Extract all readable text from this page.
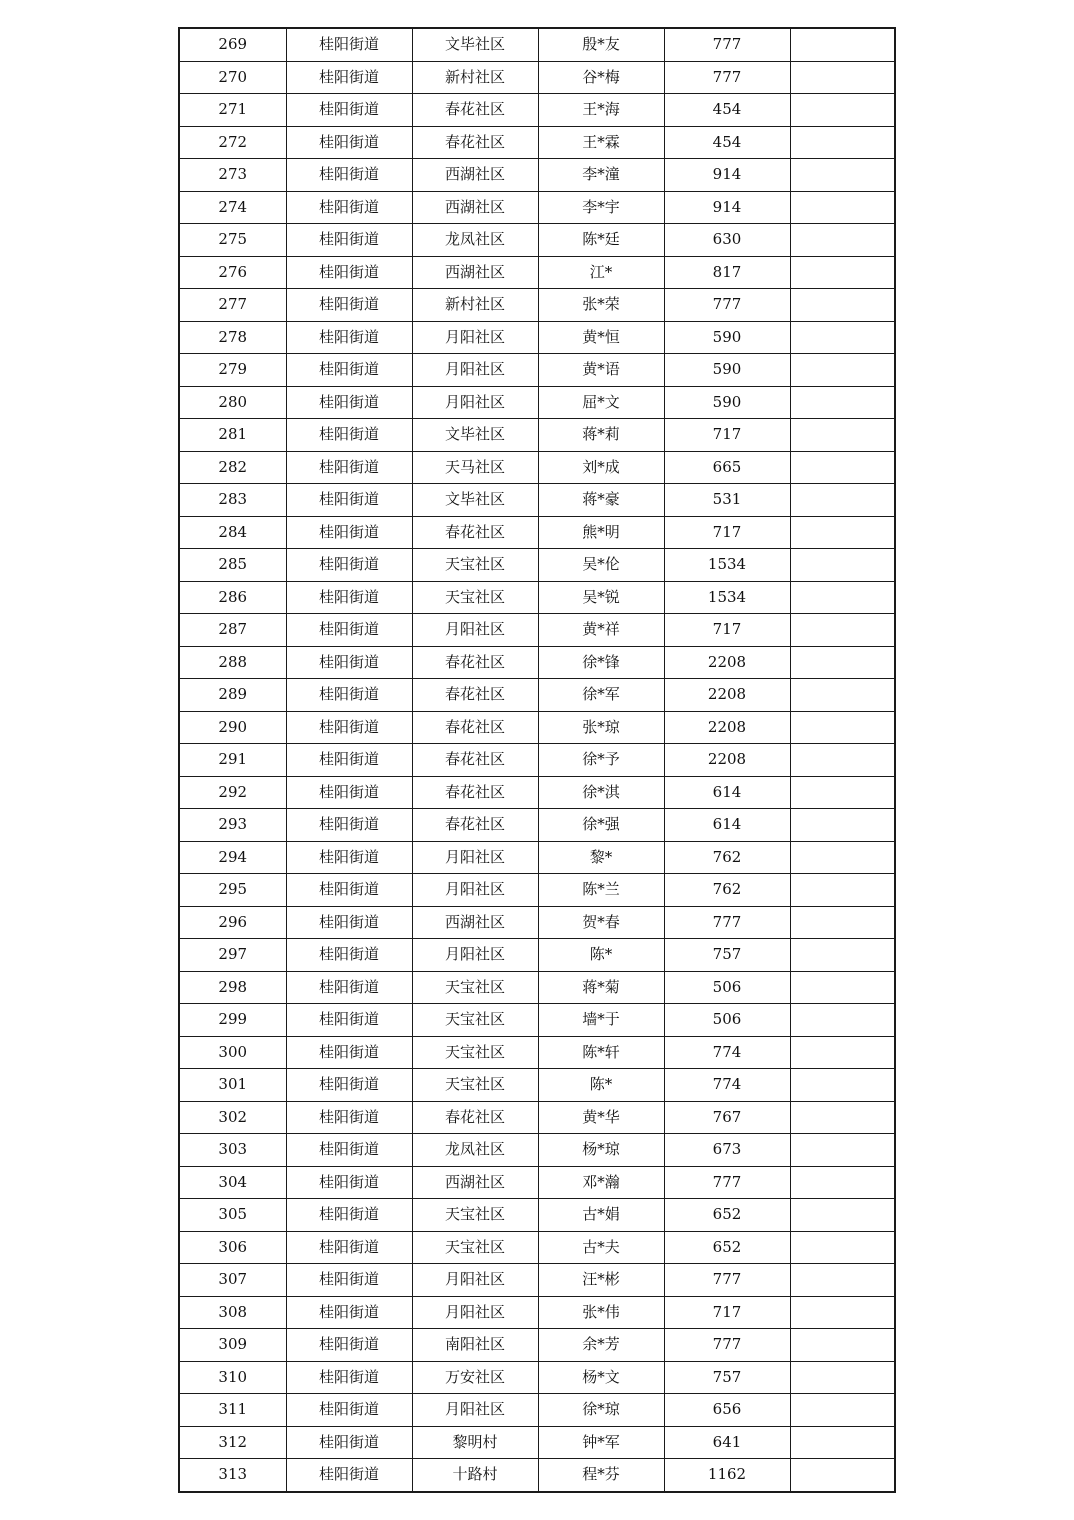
269	桂阳街道	文毕社区	殷*友	777	
270	桂阳街道	新村社区	谷*梅	777	
271	桂阳街道	春花社区	王*海	454	
272	桂阳街道	春花社区	王*霖	454	
273	桂阳街道	西湖社区	李*潼	914	
274	桂阳街道	西湖社区	李*宇	914	
275	桂阳街道	龙凤社区	陈*廷	630	
276	桂阳街道	西湖社区	江*	817	
277	桂阳街道	新村社区	张*荣	777	
278	桂阳街道	月阳社区	黄*恒	590	
279	桂阳街道	月阳社区	黄*语	590	
280	桂阳街道	月阳社区	屈*文	590	
281	桂阳街道	文毕社区	蒋*莉	717	
282	桂阳街道	天马社区	刘*成	665	
283	桂阳街道	文毕社区	蒋*豪	531	
284	桂阳街道	春花社区	熊*明	717	
285	桂阳街道	天宝社区	吴*伦	1534	
286	桂阳街道	天宝社区	吴*锐	1534	
287	桂阳街道	月阳社区	黄*祥	717	
288	桂阳街道	春花社区	徐*锋	2208	
289	桂阳街道	春花社区	徐*军	2208	
290	桂阳街道	春花社区	张*琼	2208	
291	桂阳街道	春花社区	徐*予	2208	
292	桂阳街道	春花社区	徐*淇	614	
293	桂阳街道	春花社区	徐*强	614	
294	桂阳街道	月阳社区	黎*	762	
295	桂阳街道	月阳社区	陈*兰	762	
296	桂阳街道	西湖社区	贺*春	777	
297	桂阳街道	月阳社区	陈*	757	
298	桂阳街道	天宝社区	蒋*菊	506	
299	桂阳街道	天宝社区	墙*于	506	
300	桂阳街道	天宝社区	陈*轩	774	
301	桂阳街道	天宝社区	陈*	774	
302	桂阳街道	春花社区	黄*华	767	
303	桂阳街道	龙凤社区	杨*琼	673	
304	桂阳街道	西湖社区	邓*瀚	777	
305	桂阳街道	天宝社区	古*娟	652	
306	桂阳街道	天宝社区	古*夫	652	
307	桂阳街道	月阳社区	汪*彬	777	
308	桂阳街道	月阳社区	张*伟	717	
309	桂阳街道	南阳社区	余*芳	777	
310	桂阳街道	万安社区	杨*文	757	
311	桂阳街道	月阳社区	徐*琼	656	
312	桂阳街道	黎明村	钟*军	641	
313	桂阳街道	十路村	程*芬	1162	
